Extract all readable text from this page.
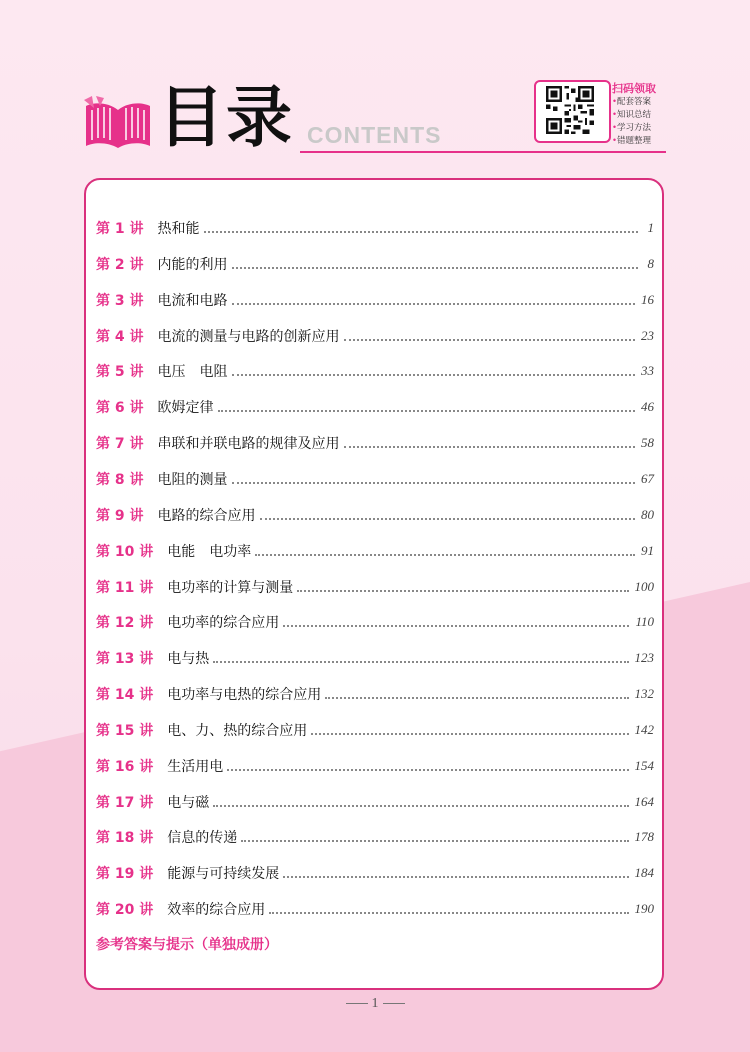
目录 CONTENTS
扫码领取
• 配套答案
• 知识总结
• 学习方法
• 错题整理
第 1 讲 热和能	1
第 2 讲 内能的利用	8
第 3 讲 电流和电路	16
第 4 讲 电流的测量与电路的创新应用	23
第 5 讲 电压　电阻	33
第 6 讲 欧姆定律	46
第 7 讲 串联和并联电路的规律及应用	58
第 8 讲 电阻的测量	67
第 9 讲 电路的综合应用	80
第 10 讲 电能　电功率	91
第 11 讲 电功率的计算与测量	100
第 12 讲 电功率的综合应用	110
第 13 讲 电与热	123
第 14 讲 电功率与电热的综合应用	132
第 15 讲 电、力、热的综合应用	142
第 16 讲 生活用电	154
第 17 讲 电与磁	164
第 18 讲 信息的传递	178
第 19 讲 能源与可持续发展	184
第 20 讲 效率的综合应用	190
参考答案与提示（单独成册）
1
